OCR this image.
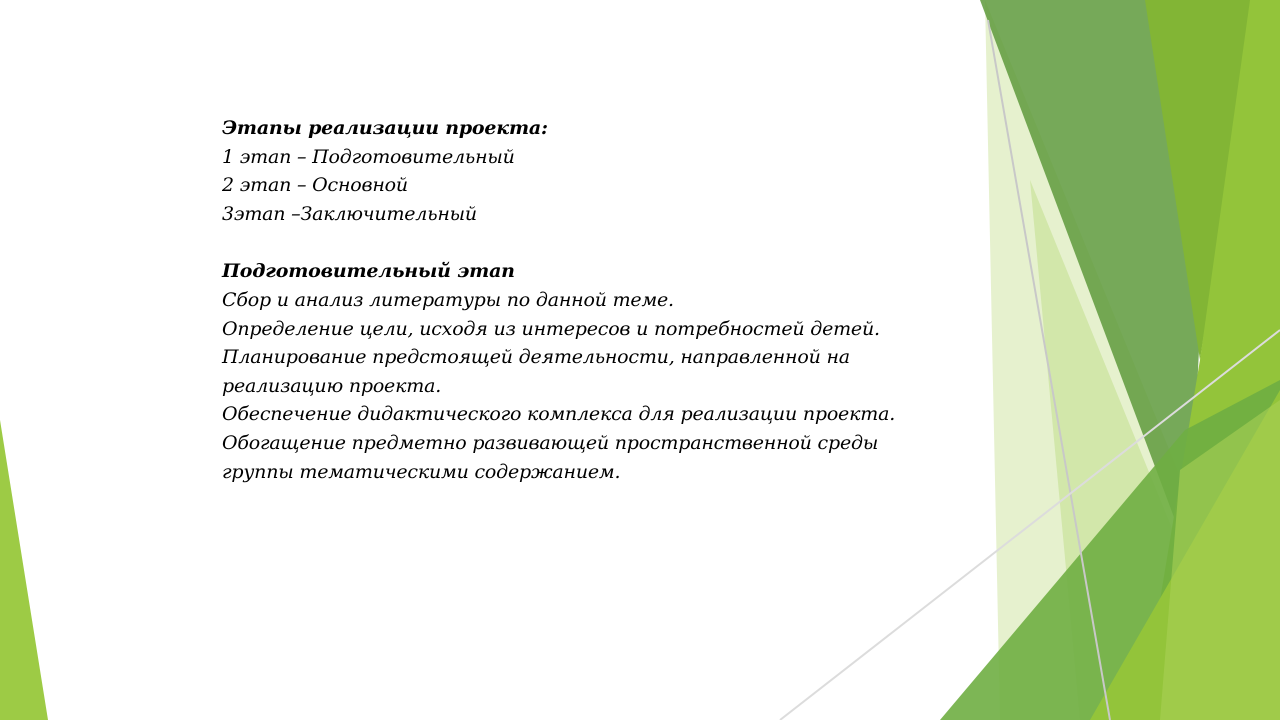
Этапы реализации проекта:

1 этап – Подготовительный

2 этап – Основной

3этап –Заключительный

Подготовительный этап

Сбор и анализ литературы по данной теме.

Определение цели, исходя из интересов и потребностей детей.

Планирование предстоящей деятельности, направленной на реализацию проекта.

Обеспечение дидактического комплекса для реализации проекта.

Обогащение предметно развивающей пространственной среды группы тематическими содержанием.
